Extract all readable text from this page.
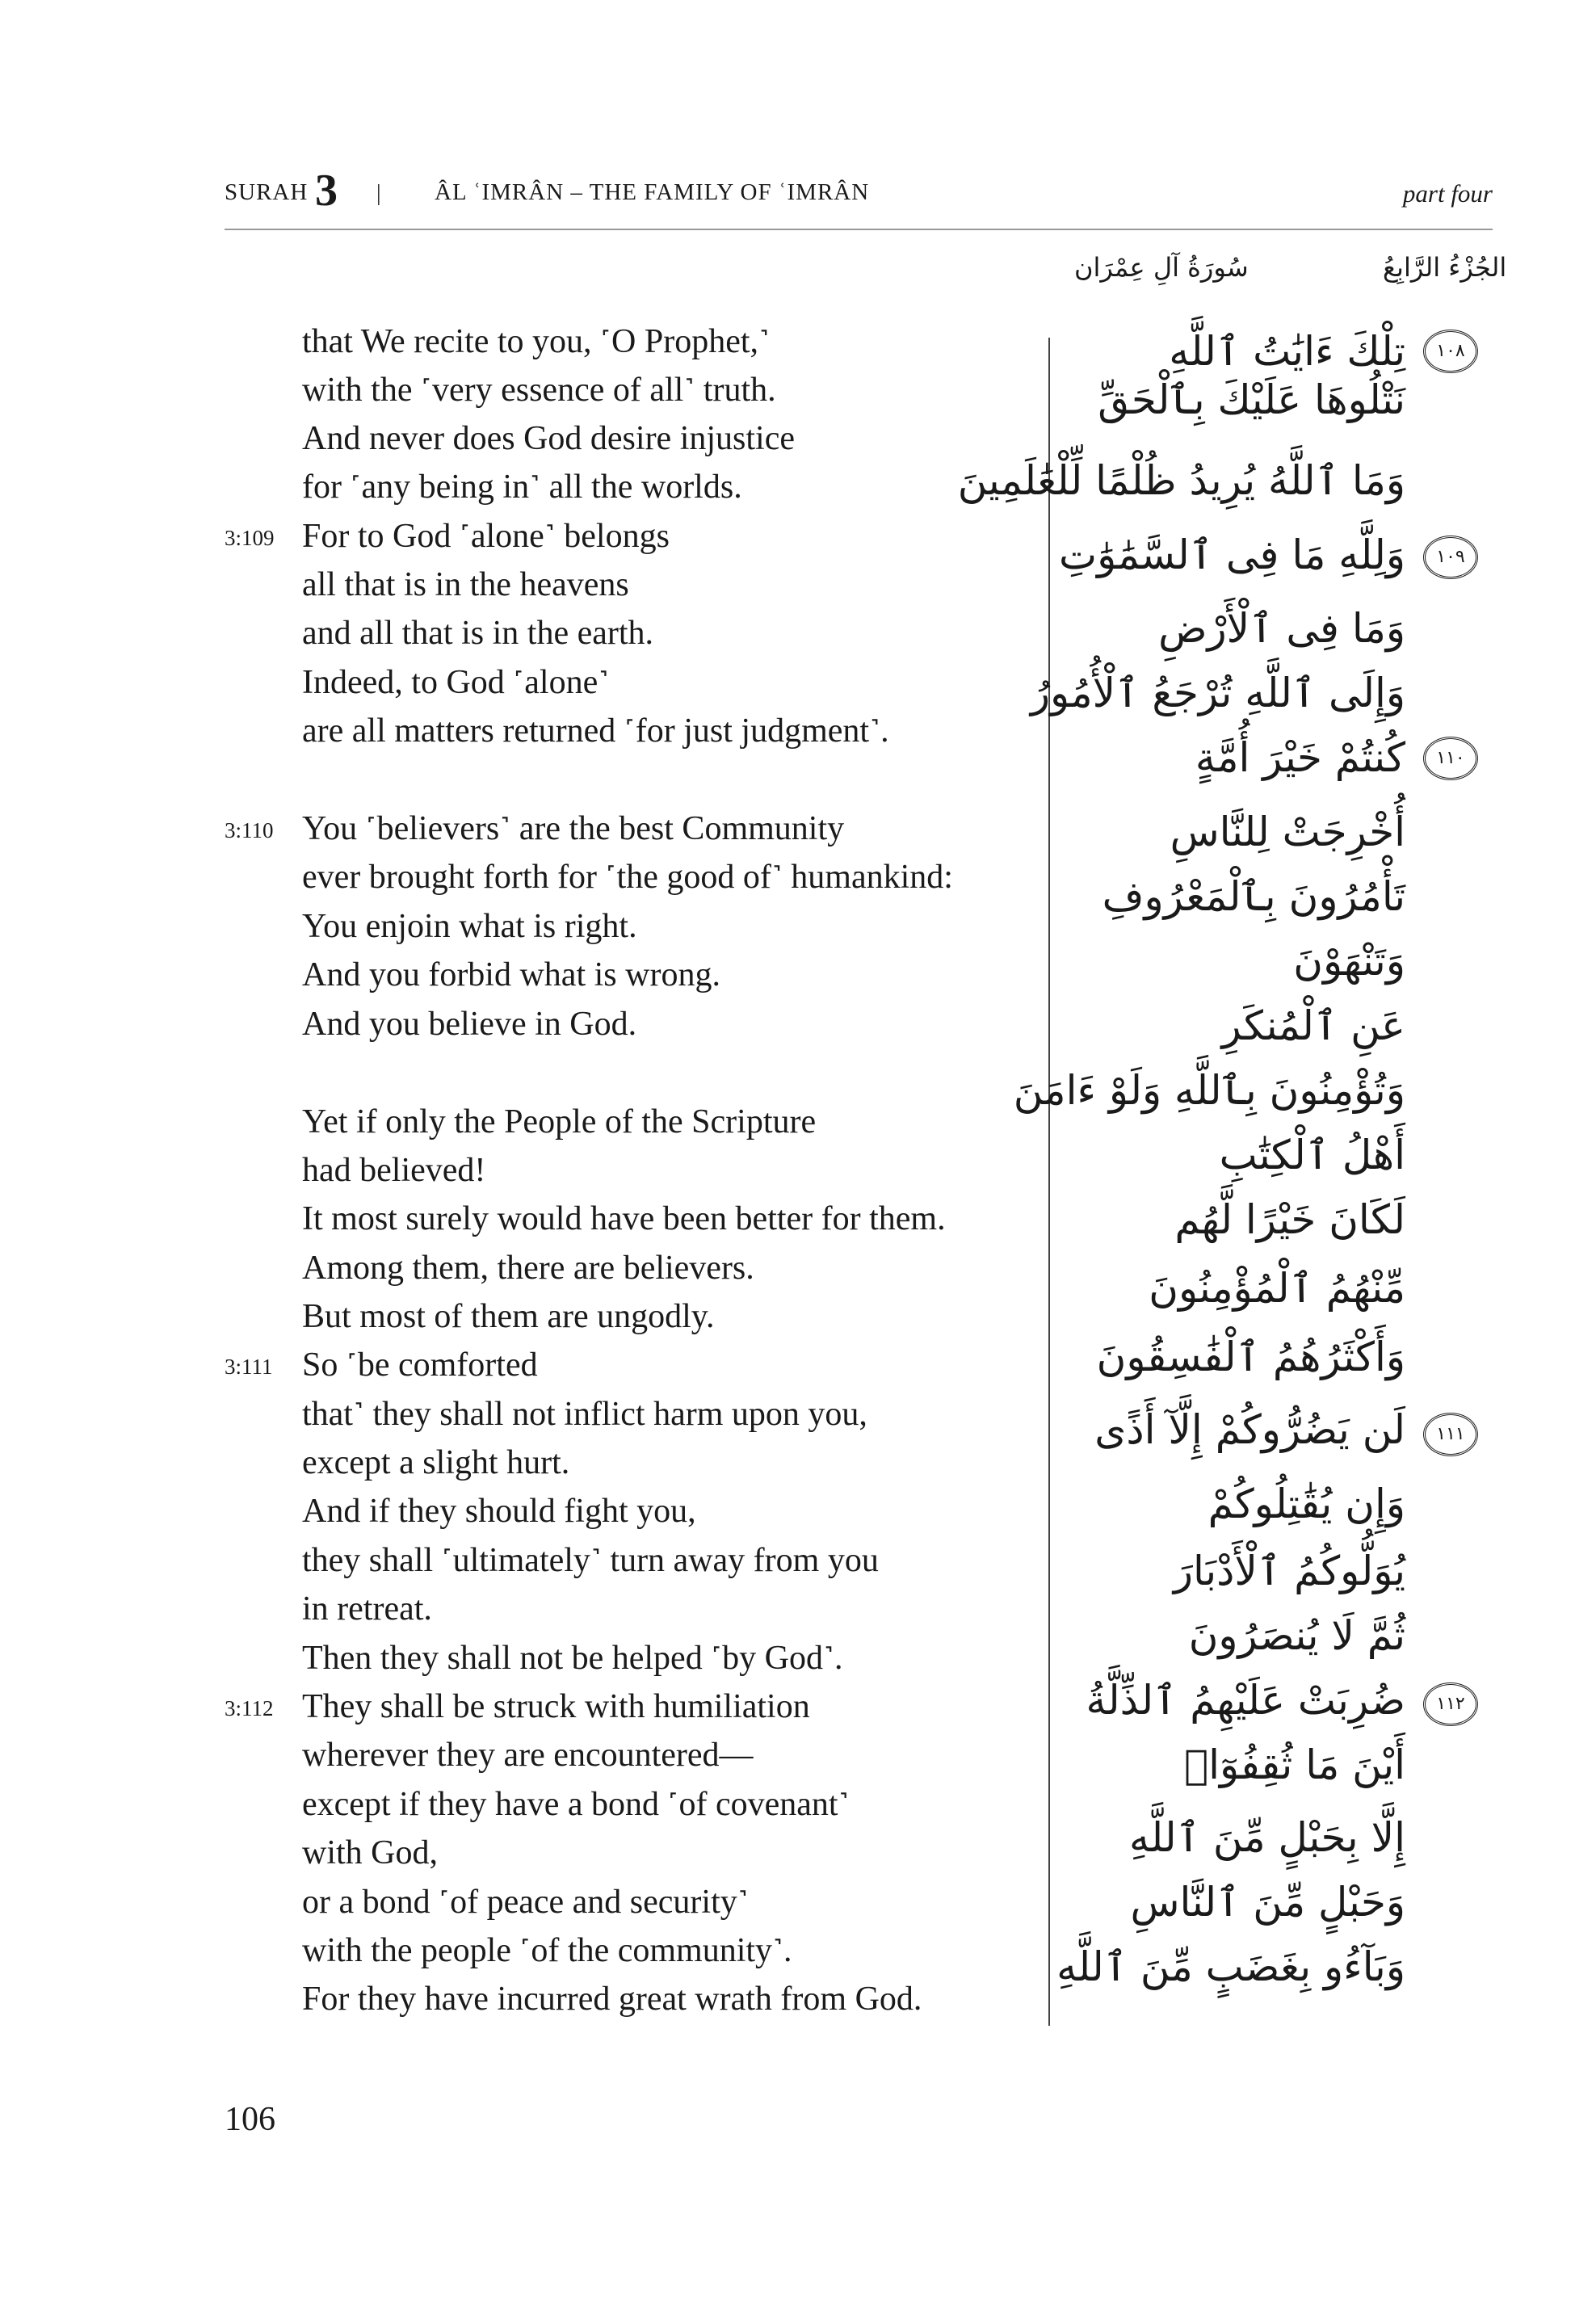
SURAH 3 | ÂL ʿIMRÂN – THE FAMILY OF ʿIMRÂN	part four
سُورَةُ آلِ عِمْرَان	الجُزْءُ الرَّابِعُ
that We recite to you, ˹O Prophet,˺
with the ˹very essence of all˺ truth.
And never does God desire injustice
for ˹any being in˺ all the worlds.
For to God ˹alone˺ belongs
all that is in the heavens
and all that is in the earth.
Indeed, to God ˹alone˺
are all matters returned ˹for just judgment˺.
You ˹believers˺ are the best Community
ever brought forth for ˹the good of˺ humankind:
You enjoin what is right.
And you forbid what is wrong.
And you believe in God.
Yet if only the People of the Scripture
had believed!
It most surely would have been better for them.
Among them, there are believers.
But most of them are ungodly.
So ˹be comforted
that˺ they shall not inflict harm upon you,
except a slight hurt.
And if they should fight you,
they shall ˹ultimately˺ turn away from you
in retreat.
Then they shall not be helped ˹by God˺.
They shall be struck with humiliation
wherever they are encountered—
except if they have a bond ˹of covenant˺
with God,
or a bond ˹of peace and security˺
with the people ˹of the community˺.
For they have incurred great wrath from God.
3:109
3:110
3:111
3:112
تِلْكَ ءَايَٰتُ ٱللَّهِ
نَتْلُوهَا عَلَيْكَ بِٱلْحَقِّ
وَمَا ٱللَّهُ يُرِيدُ ظُلْمًا لِّلْعَٰلَمِينَ
وَلِلَّهِ مَا فِى ٱلسَّمَٰوَٰتِ
وَمَا فِى ٱلْأَرْضِ
وَإِلَى ٱللَّهِ تُرْجَعُ ٱلْأُمُورُ
كُنتُمْ خَيْرَ أُمَّةٍ
أُخْرِجَتْ لِلنَّاسِ
تَأْمُرُونَ بِٱلْمَعْرُوفِ
وَتَنْهَوْنَ
عَنِ ٱلْمُنكَرِ
وَتُؤْمِنُونَ بِٱللَّهِ وَلَوْ ءَامَنَ
أَهْلُ ٱلْكِتَٰبِ
لَكَانَ خَيْرًا لَّهُم
مِّنْهُمُ ٱلْمُؤْمِنُونَ
وَأَكْثَرُهُمُ ٱلْفَٰسِقُونَ
لَن يَضُرُّوكُمْ إِلَّآ أَذًى
وَإِن يُقَٰتِلُوكُمْ
يُوَلُّوكُمُ ٱلْأَدْبَارَ
ثُمَّ لَا يُنصَرُونَ
ضُرِبَتْ عَلَيْهِمُ ٱلذِّلَّةُ
أَيْنَ مَا ثُقِفُوٓا۟
إِلَّا بِحَبْلٍ مِّنَ ٱللَّهِ
وَحَبْلٍ مِّنَ ٱلنَّاسِ
وَبَآءُو بِغَضَبٍ مِّنَ ٱللَّهِ
١٠٨
١٠٩
١١٠
١١١
١١٢
106
